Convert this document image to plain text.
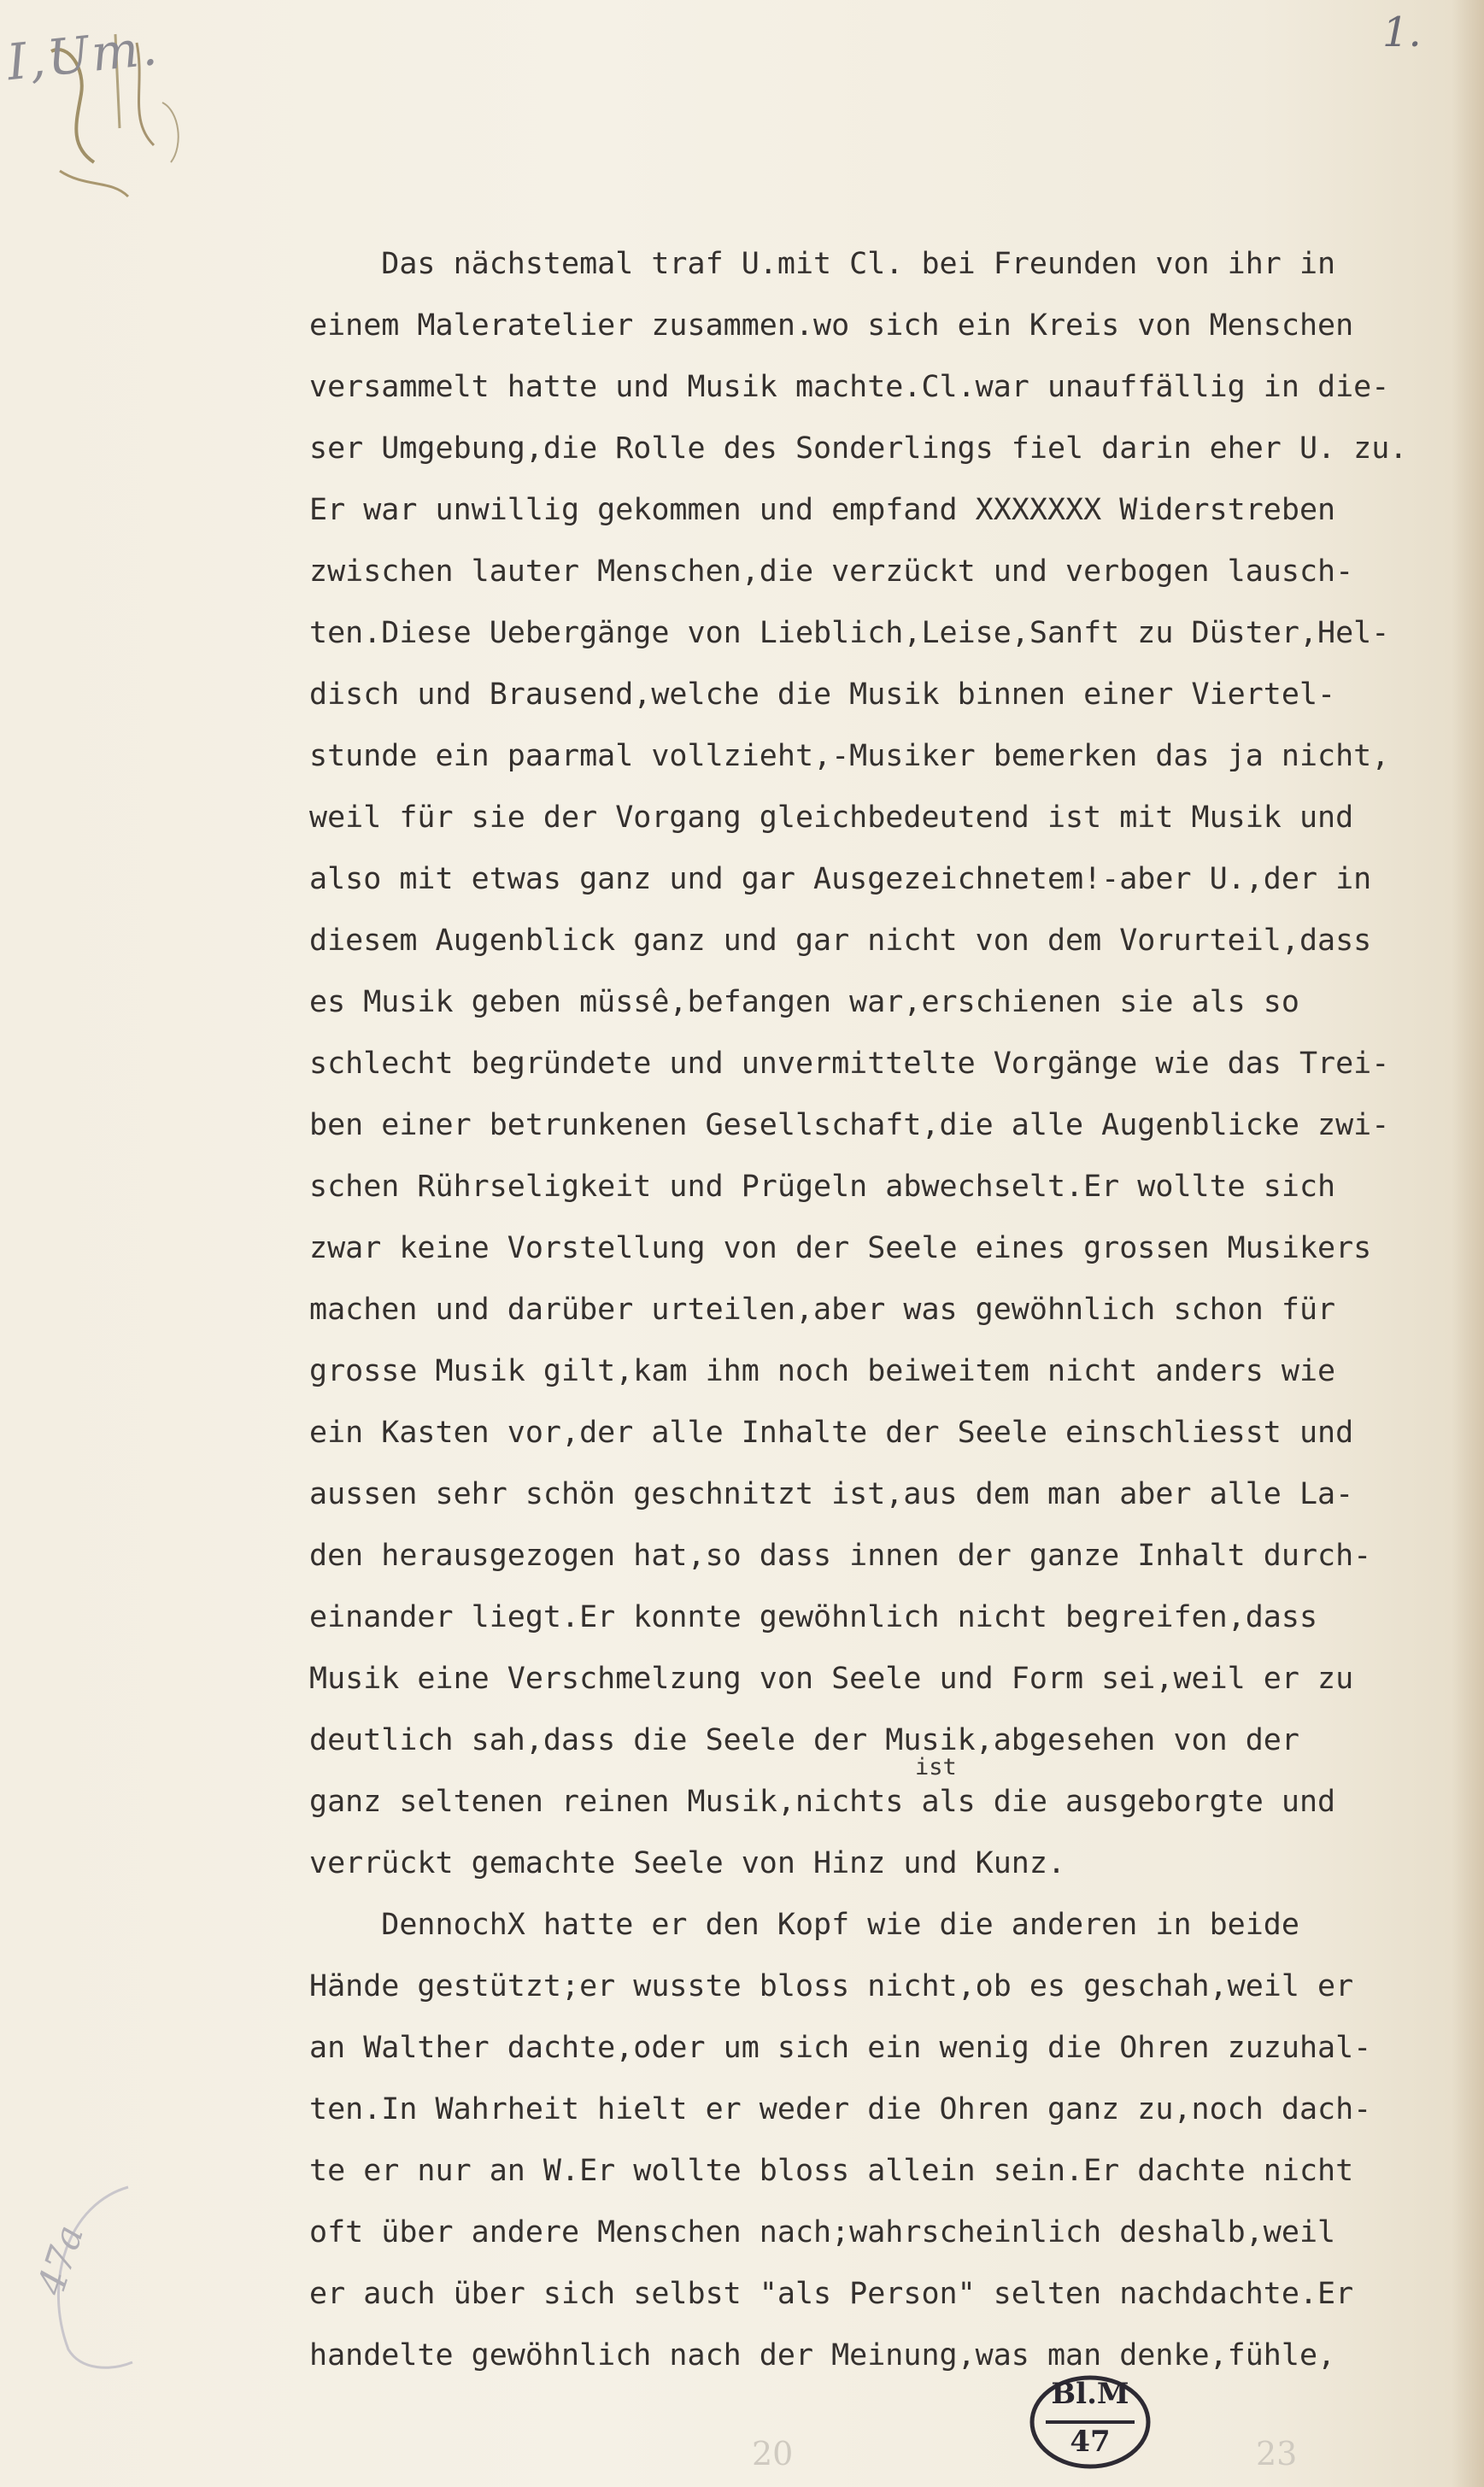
I,Um.	1.
Das nächstemal traf U.mit Cl. bei Freunden von ihr in
einem Maleratelier zusammen.wo sich ein Kreis von Menschen
versammelt hatte und Musik machte.Cl.war unauffällig in die-
ser Umgebung,die Rolle des Sonderlings fiel darin eher U. zu.
Er war unwillig gekommen und empfand XXXXXXX Widerstreben
zwischen lauter Menschen,die verzückt und verbogen lausch-
ten.Diese Uebergänge von Lieblich,Leise,Sanft zu Düster,Hel-
disch und Brausend,welche die Musik binnen einer Viertel-
stunde ein paarmal vollzieht,-Musiker bemerken das ja nicht,
weil für sie der Vorgang gleichbedeutend ist mit Musik und
also mit etwas ganz und gar Ausgezeichnetem!-aber U.,der in
diesem Augenblick ganz und gar nicht von dem Vorurteil,dass
es Musik geben müssê,befangen war,erschienen sie als so
schlecht begründete und unvermittelte Vorgänge wie das Trei-
ben einer betrunkenen Gesellschaft,die alle Augenblicke zwi-
schen Rührseligkeit und Prügeln abwechselt.Er wollte sich
zwar keine Vorstellung von der Seele eines grossen Musikers
machen und darüber urteilen,aber was gewöhnlich schon für
grosse Musik gilt,kam ihm noch beiweitem nicht anders wie
ein Kasten vor,der alle Inhalte der Seele einschliesst und
aussen sehr schön geschnitzt ist,aus dem man aber alle La-
den herausgezogen hat,so dass innen der ganze Inhalt durch-
einander liegt.Er konnte gewöhnlich nicht begreifen,dass
Musik eine Verschmelzung von Seele und Form sei,weil er zu
deutlich sah,dass die Seele der Musik,abgesehen von der
ist
ganz seltenen reinen Musik,nichts als die ausgeborgte und
verrückt gemachte Seele von Hinz und Kunz.
DennochX hatte er den Kopf wie die anderen in beide
Hände gestützt;er wusste bloss nicht,ob es geschah,weil er
an Walther dachte,oder um sich ein wenig die Ohren zuzuhal-
ten.In Wahrheit hielt er weder die Ohren ganz zu,noch dach-
te er nur an W.Er wollte bloss allein sein.Er dachte nicht
oft über andere Menschen nach;wahrscheinlich deshalb,weil
er auch über sich selbst "als Person" selten nachdachte.Er
handelte gewöhnlich nach der Meinung,was man denke,fühle,
47a
Bl.M
47
20	23
